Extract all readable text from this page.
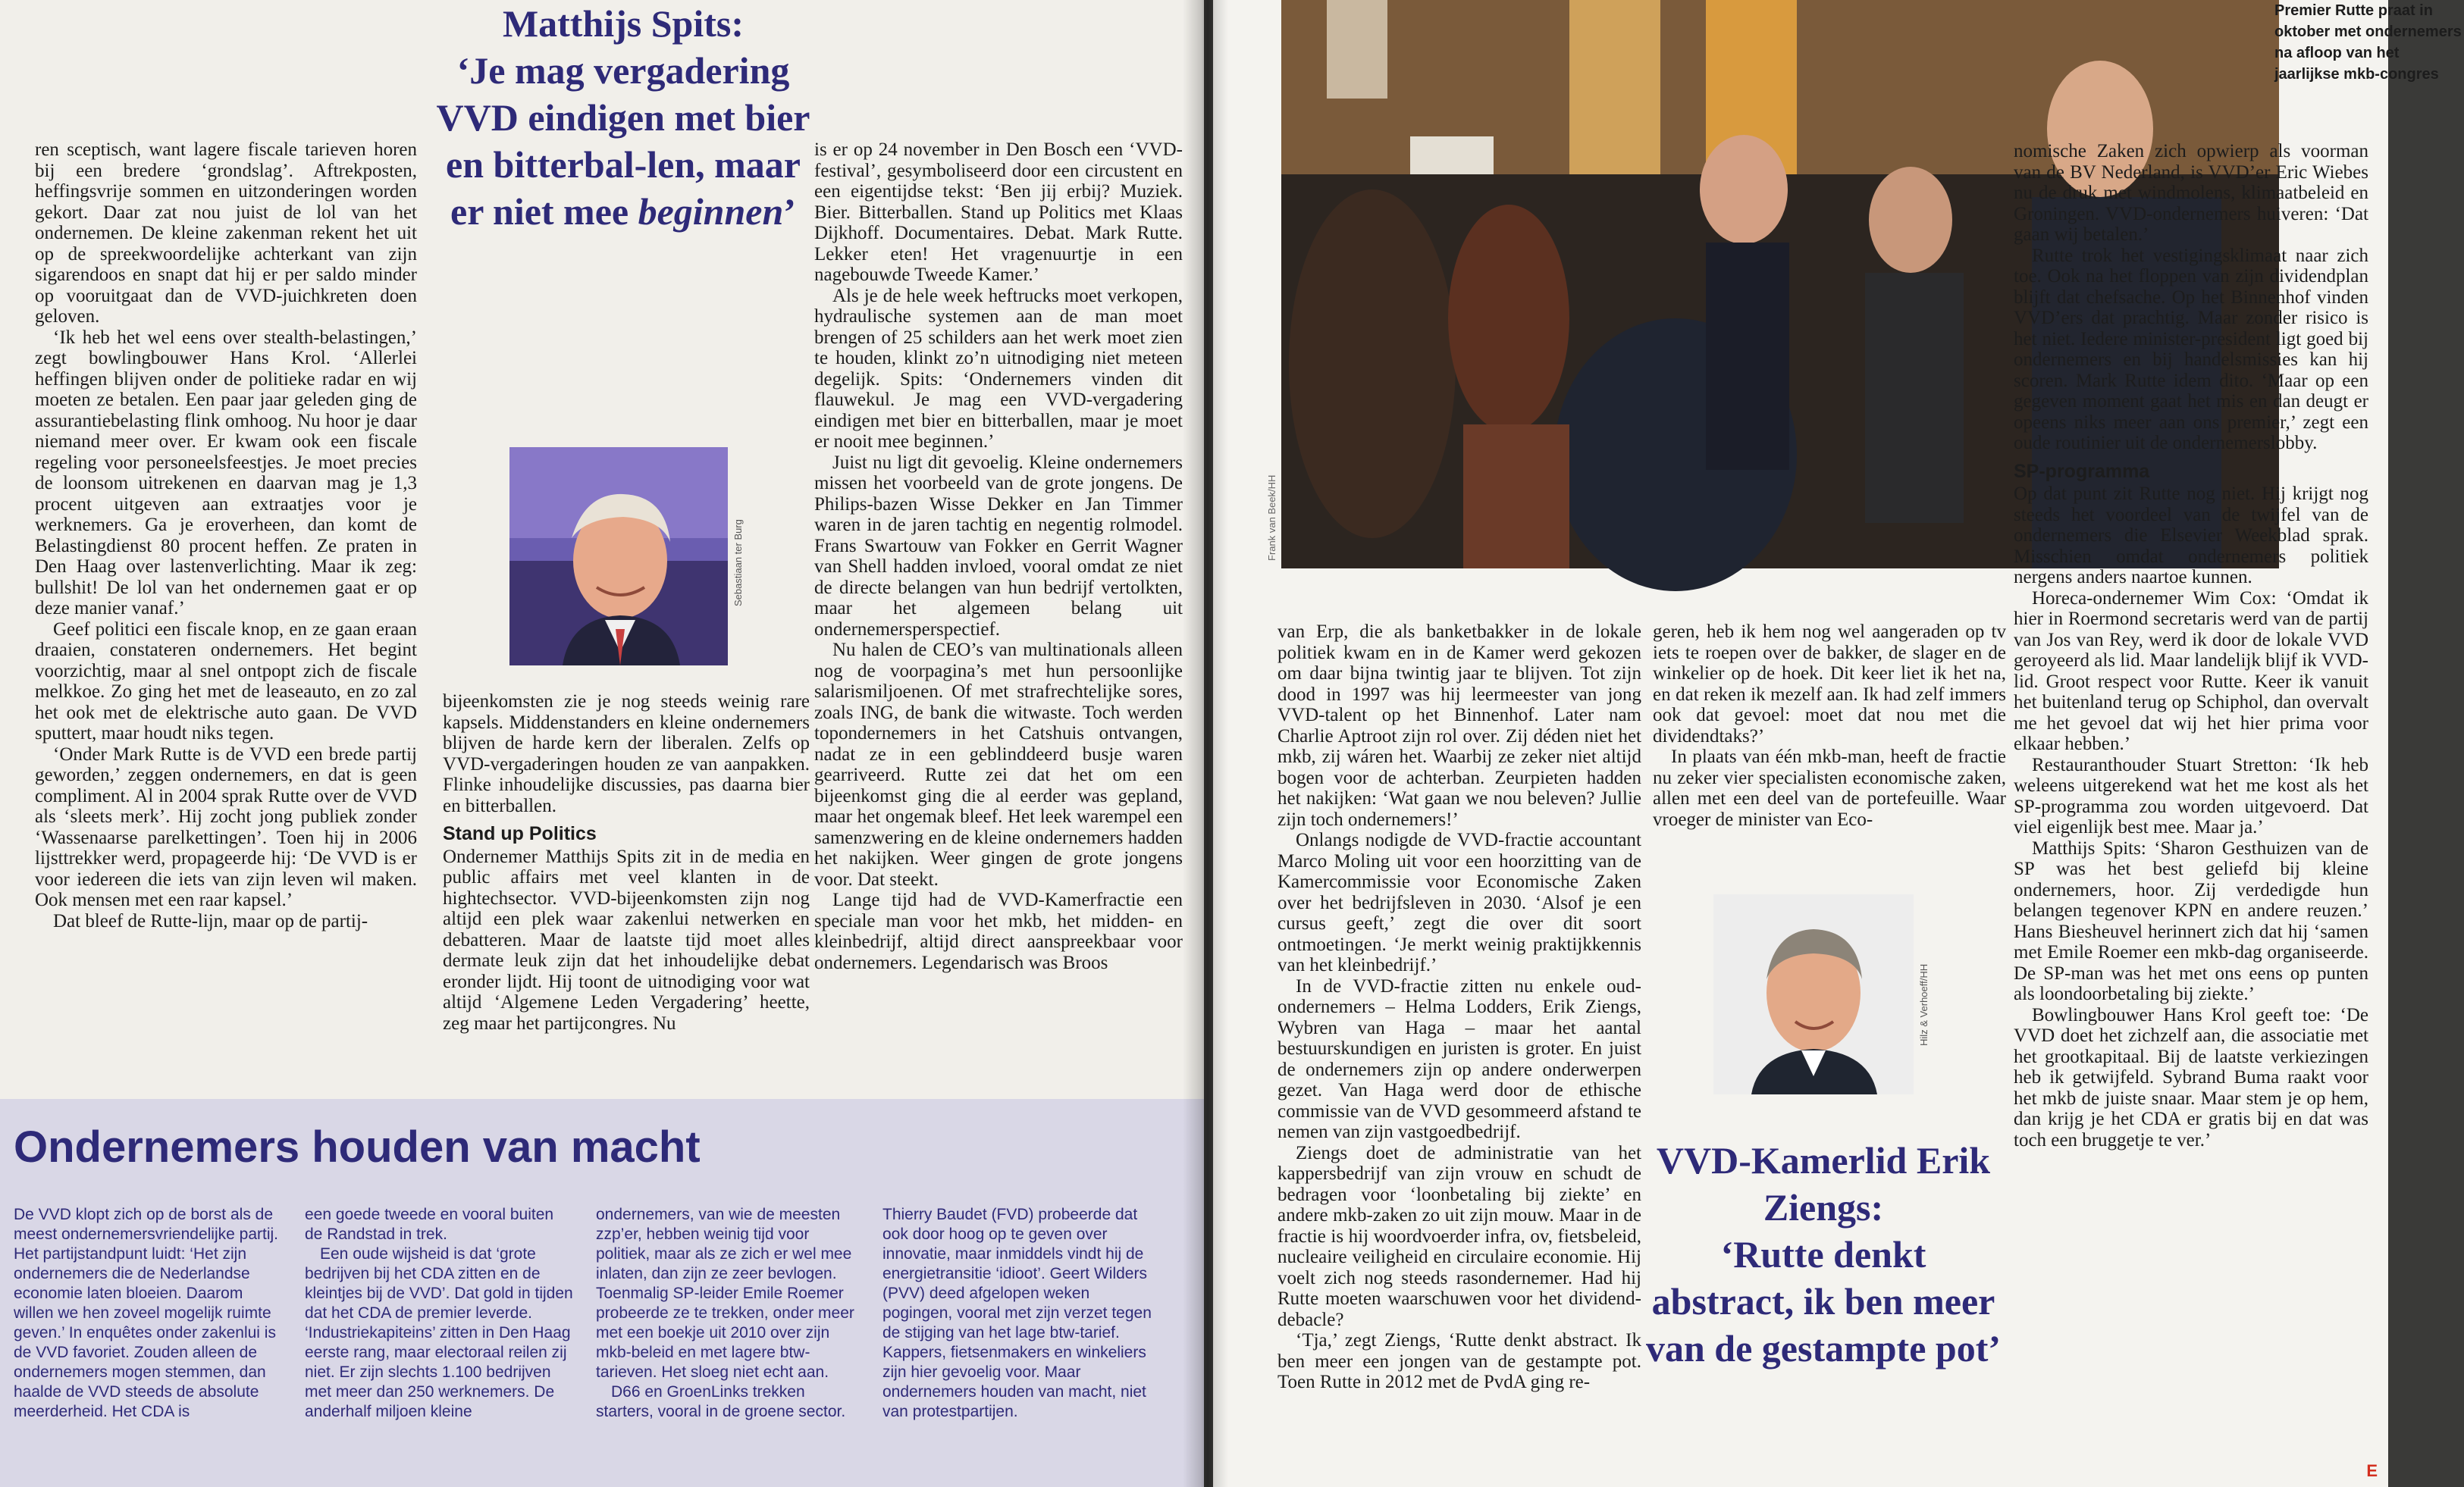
ren sceptisch, want lagere fiscale tarieven horen bij een bredere ‘grondslag’. Aftrekposten, heffingsvrije sommen en uitzonderingen worden gekort. Daar zat nou juist de lol van het ondernemen. De kleine zakenman rekent het uit op de spreekwoordelijke achterkant van zijn sigarendoos en snapt dat hij er per saldo minder op vooruitgaat dan de VVD-juichkreten doen geloven.

‘Ik heb het wel eens over stealth-belastingen,’ zegt bowlingbouwer Hans Krol. ‘Allerlei heffingen blijven onder de politieke radar en wij moeten ze betalen. Een paar jaar geleden ging de assurantiebelasting flink omhoog. Nu hoor je daar niemand meer over. Er kwam ook een fiscale regeling voor personeelsfeestjes. Je moet precies de loonsom uitrekenen en daarvan mag je 1,3 procent uitgeven aan extraatjes voor je werknemers. Ga je eroverheen, dan komt de Belastingdienst 80 procent heffen. Ze praten in Den Haag over lastenverlichting. Maar ik zeg: bullshit! De lol van het ondernemen gaat er op deze manier vanaf.’

Geef politici een fiscale knop, en ze gaan eraan draaien, constateren ondernemers. Het begint voorzichtig, maar al snel ontpopt zich de fiscale melkkoe. Zo ging het met de leaseauto, en zo zal het ook met de elektrische auto gaan. De VVD sputtert, maar houdt niks tegen.

‘Onder Mark Rutte is de VVD een brede partij geworden,’ zeggen ondernemers, en dat is geen compliment. Al in 2004 sprak Rutte over de VVD als ‘sleets merk’. Hij zocht jong publiek zonder ‘Wassenaarse parelkettingen’. Toen hij in 2006 lijsttrekker werd, propageerde hij: ‘De VVD is er voor iedereen die iets van zijn leven wil maken. Ook mensen met een raar kapsel.’

Dat bleef de Rutte-lijn, maar op de partij-

Matthijs Spits:
‘Je mag vergadering VVD eindigen met bier en bitterbal-len, maar er niet mee beginnen’
Sebastiaan ter Burg

bijeenkomsten zie je nog steeds weinig rare kapsels. Middenstanders en kleine ondernemers blijven de harde kern der liberalen. Zelfs op VVD-vergaderingen houden ze van aanpakken. Flinke inhoudelijke discussies, pas daarna bier en bitterballen.

Stand up Politics

Ondernemer Matthijs Spits zit in de media en public affairs met veel klanten in de hightechsector. VVD-bijeenkomsten zijn nog altijd een plek waar zakenlui netwerken en debatteren. Maar de laatste tijd moet alles dermate leuk zijn dat het inhoudelijke debat eronder lijdt. Hij toont de uitnodiging voor wat altijd ‘Algemene Leden Vergadering’ heette, zeg maar het partijcongres. Nu

is er op 24 november in Den Bosch een ‘VVD-festival’, gesymboliseerd door een circustent en een eigentijdse tekst: ‘Ben jij erbij? Muziek. Bier. Bitterballen. Stand up Politics met Klaas Dijkhoff. Documentaires. Debat. Mark Rutte. Lekker eten! Het vragenuurtje in een nagebouwde Tweede Kamer.’

Als je de hele week heftrucks moet verkopen, hydraulische systemen aan de man moet brengen of 25 schilders aan het werk moet zien te houden, klinkt zo’n uitnodiging niet meteen degelijk. Spits: ‘Ondernemers vinden dit flauwekul. Je mag een VVD-vergadering eindigen met bier en bitterballen, maar je moet er nooit mee beginnen.’

Juist nu ligt dit gevoelig. Kleine ondernemers missen het voorbeeld van de grote jongens. De Philips-bazen Wisse Dekker en Jan Timmer waren in de jaren tachtig en negentig rolmodel. Frans Swartouw van Fokker en Gerrit Wagner van Shell hadden invloed, vooral omdat ze niet de directe belangen van hun bedrijf vertolkten, maar het algemeen belang uit ondernemersperspectief.

Nu halen de CEO’s van multinationals alleen nog de voorpagina’s met hun persoonlijke salarismiljoenen. Of met strafrechtelijke sores, zoals ING, de bank die witwaste. Toch werden topondernemers in het Catshuis ontvangen, nadat ze in een geblinddeerd busje waren gearriveerd. Rutte zei dat het om een bijeenkomst ging die al eerder was gepland, maar het ongemak bleef. Het leek warempel een samenzwering en de kleine ondernemers hadden het nakijken. Weer gingen de grote jongens voor. Dat steekt.

Lange tijd had de VVD-Kamerfractie een speciale man voor het mkb, het midden- en kleinbedrijf, altijd direct aanspreekbaar voor ondernemers. Legendarisch was Broos

Ondernemers houden van macht

De VVD klopt zich op de borst als de meest ondernemersvriendelijke partij. Het partijstandpunt luidt: ‘Het zijn ondernemers die de Nederlandse economie laten bloeien. Daarom willen we hen zoveel mogelijk ruimte geven.’ In enquêtes onder zakenlui is de VVD favoriet. Zouden alleen de ondernemers mogen stemmen, dan haalde de VVD steeds de absolute meerderheid. Het CDA is

een goede tweede en vooral buiten de Randstad in trek.

Een oude wijsheid is dat ‘grote bedrijven bij het CDA zitten en de kleintjes bij de VVD’. Dat gold in tijden dat het CDA de premier leverde. ‘Industriekapiteins’ zitten in Den Haag eerste rang, maar electoraal reilen zij niet. Er zijn slechts 1.100 bedrijven met meer dan 250 werknemers. De anderhalf miljoen kleine

ondernemers, van wie de meesten zzp’er, hebben weinig tijd voor politiek, maar als ze zich er wel mee inlaten, dan zijn ze zeer bevlogen. Toenmalig SP-leider Emile Roemer probeerde ze te trekken, onder meer met een boekje uit 2010 over zijn mkb-beleid en met lagere btw-tarieven. Het sloeg niet echt aan.

D66 en GroenLinks trekken starters, vooral in de groene sector.

Thierry Baudet (FVD) probeerde dat ook door hoog op te geven over innovatie, maar inmiddels vindt hij de energietransitie ‘idioot’. Geert Wilders (PVV) deed afgelopen weken pogingen, vooral met zijn verzet tegen de stijging van het lage btw-tarief. Kappers, fietsenmakers en winkeliers zijn hier gevoelig voor. Maar ondernemers houden van macht, niet van protestpartijen.

Frank van Beek/HH
Premier Rutte praat in oktober met ondernemers na afloop van het jaarlijkse mkb-congres

van Erp, die als banketbakker in de lokale politiek kwam en in de Kamer werd gekozen om daar bijna twintig jaar te blijven. Tot zijn dood in 1997 was hij leermeester van jong VVD-talent op het Binnenhof. Later nam Charlie Aptroot zijn rol over. Zij déden niet het mkb, zij wáren het. Waarbij ze zeker niet altijd bogen voor de achterban. Zeurpieten hadden het nakijken: ‘Wat gaan we nou beleven? Jullie zijn toch ondernemers!’

Onlangs nodigde de VVD-fractie accountant Marco Moling uit voor een hoorzitting van de Kamercommissie voor Economische Zaken over het bedrijfsleven in 2030. ‘Alsof je een cursus geeft,’ zegt die over dit soort ontmoetingen. ‘Je merkt weinig praktijkkennis van het kleinbedrijf.’

In de VVD-fractie zitten nu enkele oud-ondernemers – Helma Lodders, Erik Ziengs, Wybren van Haga – maar het aantal bestuurskundigen en juristen is groter. En juist de ondernemers zijn op andere onderwerpen gezet. Van Haga werd door de ethische commissie van de VVD gesommeerd afstand te nemen van zijn vastgoedbedrijf.

Ziengs doet de administratie van het kappersbedrijf van zijn vrouw en schudt de bedragen voor ‘loonbetaling bij ziekte’ en andere mkb-zaken zo uit zijn mouw. Maar in de fractie is hij woordvoerder infra, ov, fietsbeleid, nucleaire veiligheid en circulaire economie. Hij voelt zich nog steeds rasondernemer. Had hij Rutte moeten waarschuwen voor het dividend-debacle?

‘Tja,’ zegt Ziengs, ‘Rutte denkt abstract. Ik ben meer een jongen van de gestampte pot. Toen Rutte in 2012 met de PvdA ging re-

geren, heb ik hem nog wel aangeraden op tv iets te roepen over de bakker, de slager en de winkelier op de hoek. Dit keer liet ik het na, en dat reken ik mezelf aan. Ik had zelf immers ook dat gevoel: moet dat nou met die dividendtaks?’

In plaats van één mkb-man, heeft de fractie nu zeker vier specialisten economische zaken, allen met een deel van de portefeuille. Waar vroeger de minister van Eco-

Hilz & Verhoeff/HH
VVD-Kamerlid Erik Ziengs:
‘Rutte denkt abstract, ik ben meer van de gestampte pot’

nomische Zaken zich opwierp als voorman van de BV Nederland, is VVD’er Eric Wiebes nu de druk met windmolens, klimaatbeleid en Groningen. VVD-ondernemers huiveren: ‘Dat gaan wij betalen.’

Rutte trok het vestigingsklimaat naar zich toe. Ook na het floppen van zijn dividendplan blijft dat chefsache. Op het Binnenhof vinden VVD’ers dat prachtig. Maar zonder risico is het niet. Iedere minister-president ligt goed bij ondernemers en bij handelsmissies kan hij scoren. Mark Rutte idem dito. ‘Maar op een gegeven moment gaat het mis en dan deugt er opeens niks meer aan ons premier,’ zegt een oude routinier uit de ondernemerslobby.

SP-programma

Op dat punt zit Rutte nog niet. Hij krijgt nog steeds het voordeel van de twijfel van de ondernemers die Elsevier Weekblad sprak. Misschien omdat ondernemers politiek nergens anders naartoe kunnen.

Horeca-ondernemer Wim Cox: ‘Omdat ik hier in Roermond secretaris werd van de partij van Jos van Rey, werd ik door de lokale VVD geroyeerd als lid. Maar landelijk blijf ik VVD-lid. Groot respect voor Rutte. Keer ik vanuit het buitenland terug op Schiphol, dan overvalt me het gevoel dat wij het hier prima voor elkaar hebben.’

Restauranthouder Stuart Stretton: ‘Ik heb weleens uitgerekend wat het me kost als het SP-programma zou worden uitgevoerd. Dat viel eigenlijk best mee. Maar ja.’

Matthijs Spits: ‘Sharon Gesthuizen van de SP was het best geliefd bij kleine ondernemers, hoor. Zij verdedigde hun belangen tegenover KPN en andere reuzen.’ Hans Biesheuvel herinnert zich dat hij ‘samen met Emile Roemer een mkb-dag organiseerde. De SP-man was het met ons eens op punten als loondoorbetaling bij ziekte.’

Bowlingbouwer Hans Krol geeft toe: ‘De VVD doet het zichzelf aan, die associatie met het grootkapitaal. Bij de laatste verkiezingen heb ik getwijfeld. Sybrand Buma raakt voor het mkb de juiste snaar. Maar stem je op hem, dan krijg je het CDA er gratis bij en dat was toch een bruggetje te ver.’

E
